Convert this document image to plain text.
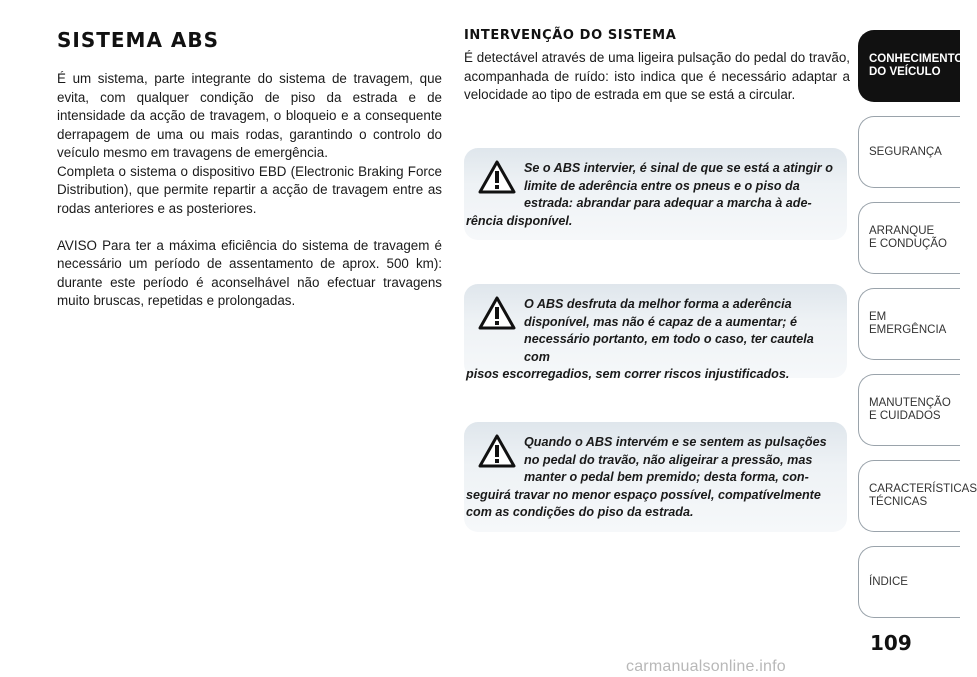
SISTEMA ABS

É um sistema, parte integrante do sistema de travagem, que evita, com qualquer condição de piso da estrada e de intensidade da acção de travagem, o bloqueio e a consequente derrapagem de uma ou mais rodas, garantindo o controlo do veículo mesmo em travagens de emergência.

Completa o sistema o dispositivo EBD (Electronic Braking Force Distribution), que permite repartir a acção de travagem entre as rodas anteriores e as posteriores.

AVISO Para ter a máxima eficiência do sistema de travagem é necessário um período de assentamento de aprox. 500 km): durante este período é aconselhável não efectuar travagens muito bruscas, repetidas e prolongadas.

INTERVENÇÃO DO SISTEMA

É detectável através de uma ligeira pulsação do pedal do travão, acompanhada de ruído: isto indica que é necessário adaptar a velocidade ao tipo de estrada em que se está a circular.

Se o ABS intervier, é sinal de que se está a atingir o limite de aderência entre os pneus e o piso da estrada: abrandar para adequar a marcha à ade-
rência disponível.

O ABS desfruta da melhor forma a aderência disponível, mas não é capaz de a aumentar; é necessário portanto, em todo o caso, ter cautela com
pisos escorregadios, sem correr riscos injustificados.

Quando o ABS intervém e se sentem as pulsações no pedal do travão, não aligeirar a pressão, mas manter o pedal bem premido; desta forma, con-
seguirá travar no menor espaço possível, compatívelmente com as condições do piso da estrada.

CONHECIMENTO
DO VEÍCULO
SEGURANÇA
ARRANQUE
E CONDUÇÃO
EM EMERGÊNCIA
MANUTENÇÃO
E CUIDADOS
CARACTERÍSTICAS
TÉCNICAS
ÍNDICE
109
carmanualsonline.info
